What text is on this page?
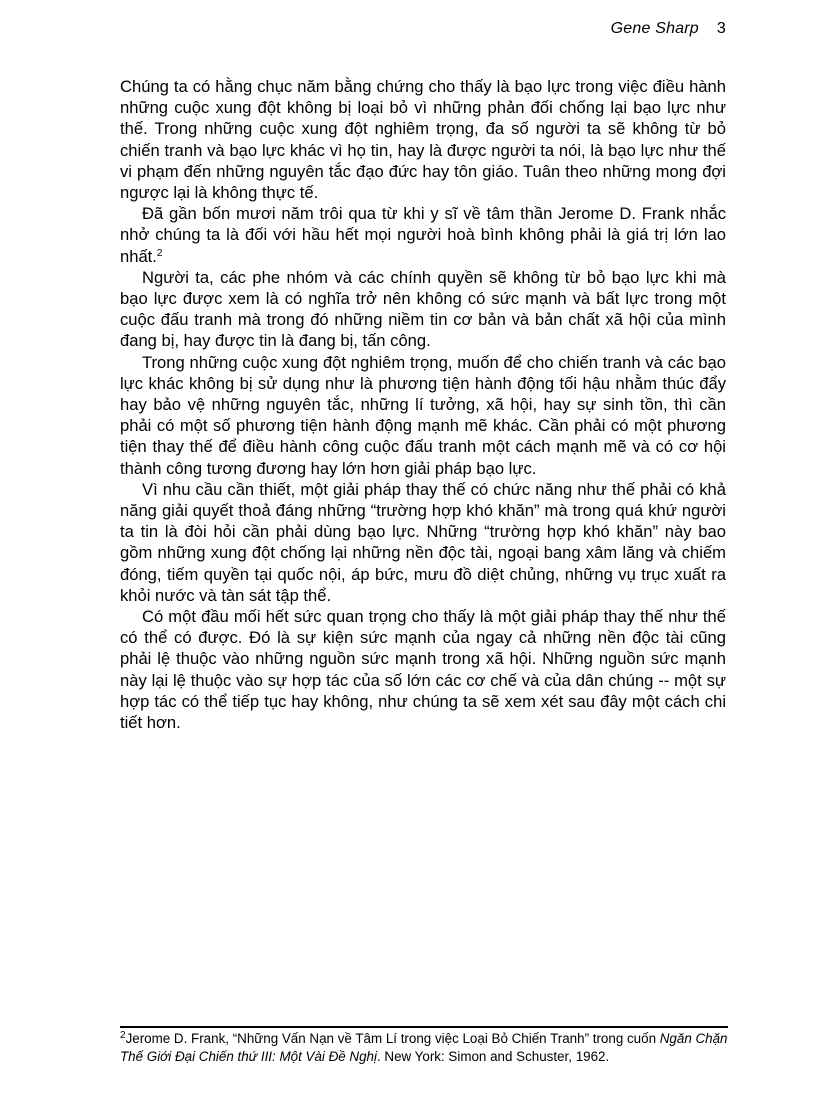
Gene Sharp 3

Chúng ta có hằng chục năm bằng chứng cho thấy là bạo lực trong việc điều hành những cuộc xung đột không bị loại bỏ vì những phản đối chống lại bạo lực như thế. Trong những cuộc xung đột nghiêm trọng, đa số người ta sẽ không từ bỏ chiến tranh và bạo lực khác vì họ tin, hay là được người ta nói, là bạo lực như thế vi phạm đến những nguyên tắc đạo đức hay tôn giáo. Tuân theo những mong đợi ngược lại là không thực tế.

Đã gần bốn mươi năm trôi qua từ khi y sĩ về tâm thần Jerome D. Frank nhắc nhở chúng ta là đối với hầu hết mọi người hoà bình không phải là giá trị lớn lao nhất.$^2$

Người ta, các phe nhóm và các chính quyền sẽ không từ bỏ bạo lực khi mà bạo lực được xem là có nghĩa trở nên không có sức mạnh và bất lực trong một cuộc đấu tranh mà trong đó những niềm tin cơ bản và bản chất xã hội của mình đang bị, hay được tin là đang bị, tấn công.

Trong những cuộc xung đột nghiêm trọng, muốn để cho chiến tranh và các bạo lực khác không bị sử dụng như là phương tiện hành động tối hậu nhằm thúc đẩy hay bảo vệ những nguyên tắc, những lí tưởng, xã hội, hay sự sinh tồn, thì cần phải có một số phương tiện hành động mạnh mẽ khác. Cần phải có một phương tiện thay thế để điều hành công cuộc đấu tranh một cách mạnh mẽ và có cơ hội thành công tương đương hay lớn hơn giải pháp bạo lực.

Vì nhu cầu cần thiết, một giải pháp thay thế có chức năng như thế phải có khả năng giải quyết thoả đáng những “trường hợp khó khăn” mà trong quá khứ người ta tin là đòi hỏi cần phải dùng bạo lực. Những “trường hợp khó khăn” này bao gồm những xung đột chống lại những nền độc tài, ngoại bang xâm lăng và chiếm đóng, tiếm quyền tại quốc nội, áp bức, mưu đồ diệt chủng, những vụ trục xuất ra khỏi nước và tàn sát tập thể.

Có một đầu mối hết sức quan trọng cho thấy là một giải pháp thay thế như thế có thể có được. Đó là sự kiện sức mạnh của ngay cả những nền độc tài cũng phải lệ thuộc vào những nguồn sức mạnh trong xã hội. Những nguồn sức mạnh này lại lệ thuộc vào sự hợp tác của số lớn các cơ chế và của dân chúng -- một sự hợp tác có thể tiếp tục hay không, như chúng ta sẽ xem xét sau đây một cách chi tiết hơn.

$^2$Jerome D. Frank, “Những Vấn Nạn về Tâm Lí trong việc Loại Bỏ Chiến Tranh” trong cuốn Ngăn Chặn Thế Giới Đại Chiến thứ III: Một Vài Đề Nghị. New York: Simon and Schuster, 1962.
